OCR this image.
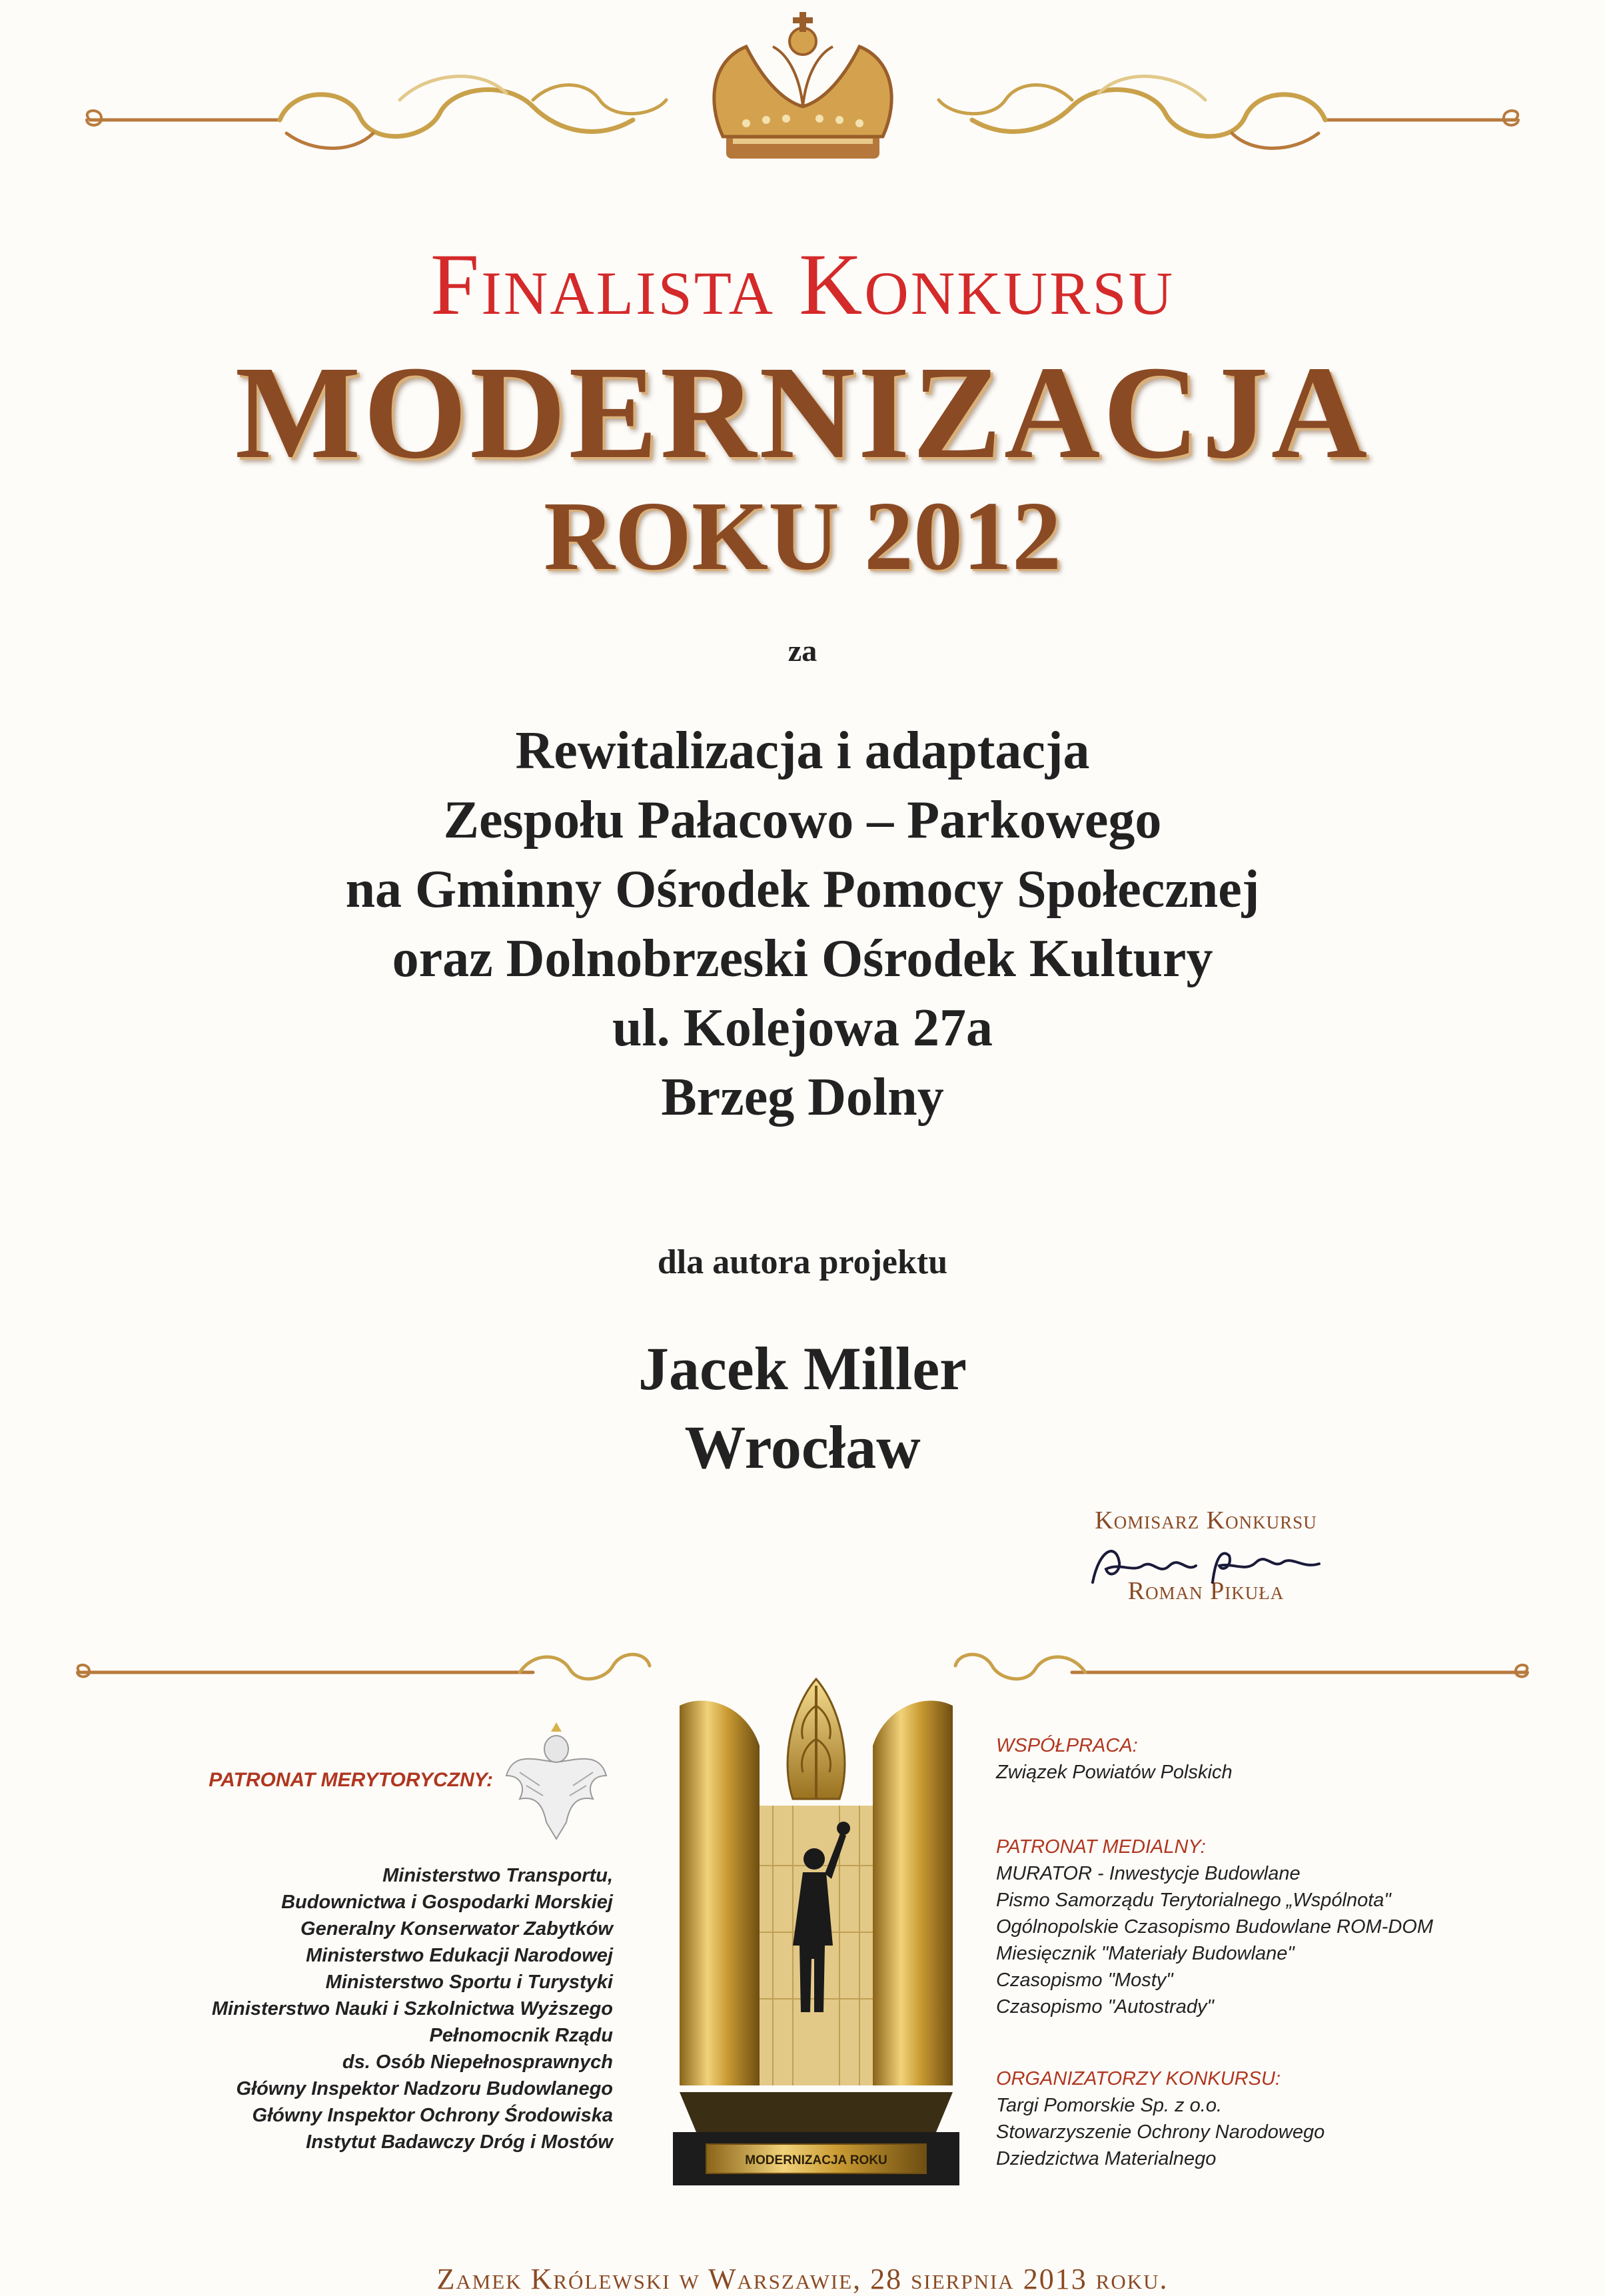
Finalista Konkursu
MODERNIZACJA
ROKU 2012
za
Rewitalizacja i adaptacja
Zespołu Pałacowo – Parkowego
na Gminny Ośrodek Pomocy Społecznej
oraz Dolnobrzeski Ośrodek Kultury
ul. Kolejowa 27a
Brzeg Dolny
dla autora projektu
Jacek Miller
Wrocław
Komisarz Konkursu
Roman Pikuła
PATRONAT MERYTORYCZNY:
Ministerstwo Transportu,
Budownictwa i Gospodarki Morskiej
Generalny Konserwator Zabytków
Ministerstwo Edukacji Narodowej
Ministerstwo Sportu i Turystyki
Ministerstwo Nauki i Szkolnictwa Wyższego
Pełnomocnik Rządu
ds. Osób Niepełnosprawnych
Główny Inspektor Nadzoru Budowlanego
Główny Inspektor Ochrony Środowiska
Instytut Badawczy Dróg i Mostów
MODERNIZACJA ROKU
WSPÓŁPRACA:
Związek Powiatów Polskich
PATRONAT MEDIALNY:
MURATOR - Inwestycje Budowlane
Pismo Samorządu Terytorialnego „Wspólnota"
Ogólnopolskie Czasopismo Budowlane ROM-DOM
Miesięcznik "Materiały Budowlane"
Czasopismo "Mosty"
Czasopismo "Autostrady"
ORGANIZATORZY KONKURSU:
Targi Pomorskie Sp. z o.o.
Stowarzyszenie Ochrony Narodowego
Dziedzictwa Materialnego
Zamek Królewski w Warszawie, 28 sierpnia 2013 roku.
